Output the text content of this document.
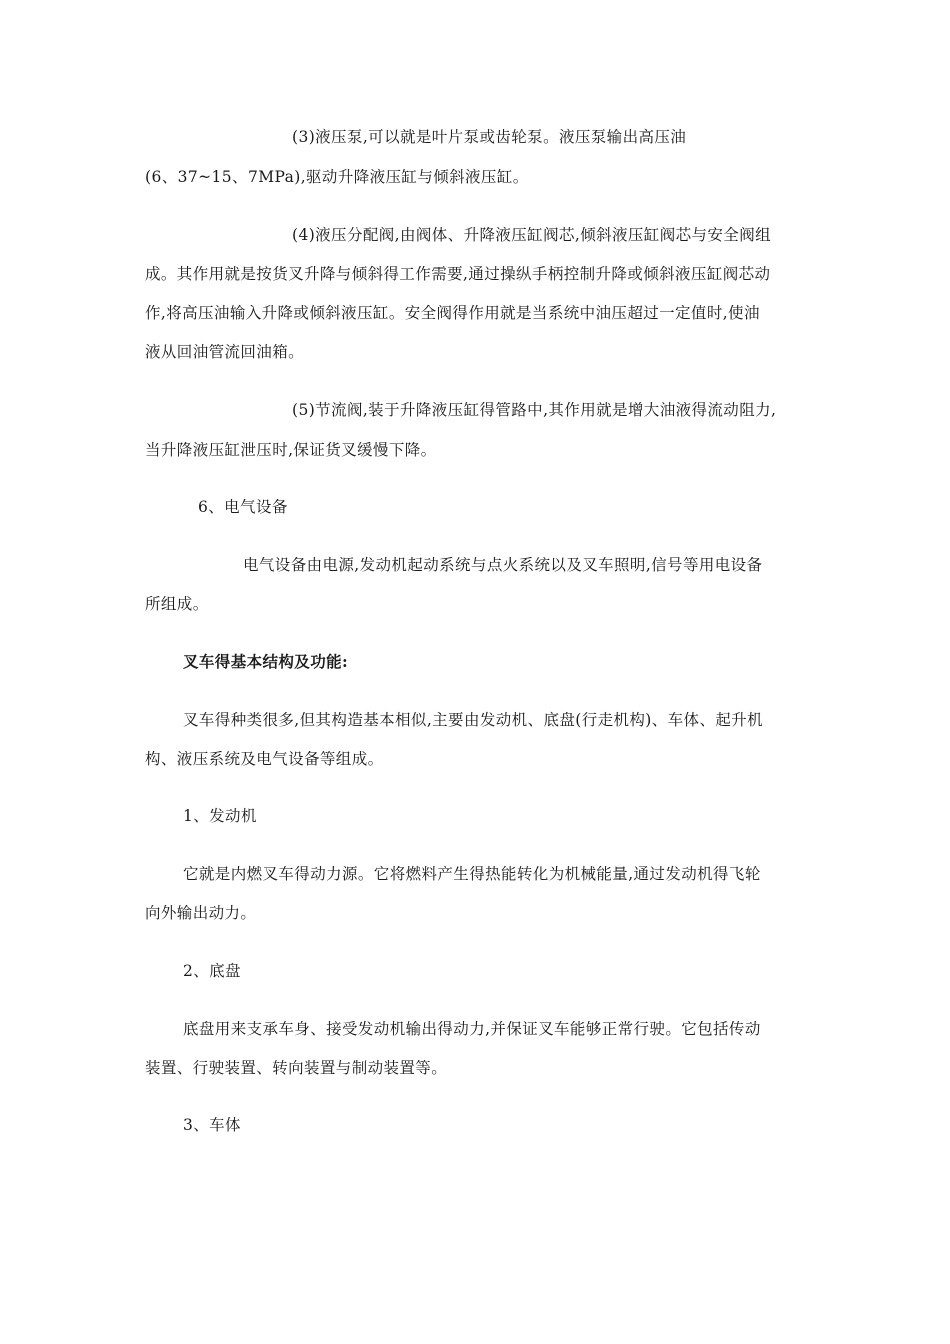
(3)液压泵,可以就是叶片泵或齿轮泵。液压泵输出高压油
(6、37~15、7MPa),驱动升降液压缸与倾斜液压缸。
(4)液压分配阀,由阀体、升降液压缸阀芯,倾斜液压缸阀芯与安全阀组
成。其作用就是按货叉升降与倾斜得工作需要,通过操纵手柄控制升降或倾斜液压缸阀芯动
作,将高压油输入升降或倾斜液压缸。安全阀得作用就是当系统中油压超过一定值时,使油
液从回油管流回油箱。
(5)节流阀,装于升降液压缸得管路中,其作用就是增大油液得流动阻力,
当升降液压缸泄压时,保证货叉缓慢下降。
6、电气设备
电气设备由电源,发动机起动系统与点火系统以及叉车照明,信号等用电设备
所组成。
叉车得基本结构及功能:
叉车得种类很多,但其构造基本相似,主要由发动机、底盘(行走机构)、车体、起升机
构、液压系统及电气设备等组成。
1、发动机
它就是内燃叉车得动力源。它将燃料产生得热能转化为机械能量,通过发动机得飞轮
向外输出动力。
2、底盘
底盘用来支承车身、接受发动机输出得动力,并保证叉车能够正常行驶。它包括传动
装置、行驶装置、转向装置与制动装置等。
3、车体
